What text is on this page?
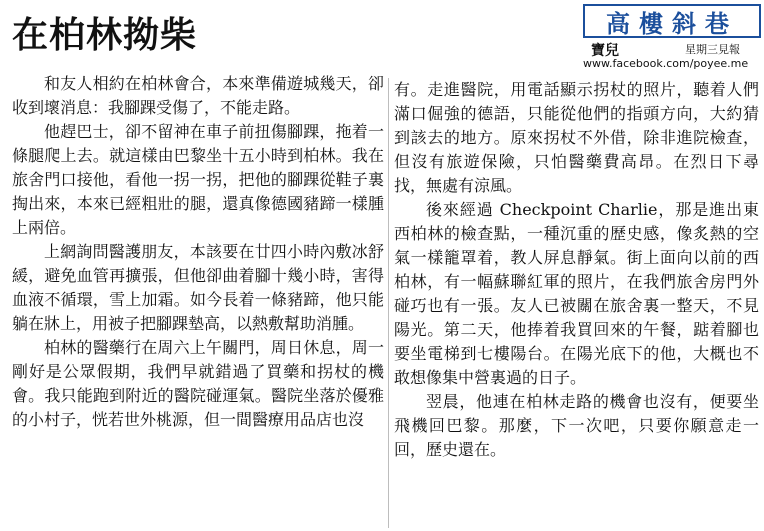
在柏林拗柴	高樓斜巷
寶兒	星期三見報
www.facebook.com/poyee.me

和友人相約在柏林會合，本來準備遊城幾天，卻收到壞消息：我腳踝受傷了，不能走路。

他趕巴士，卻不留神在車子前扭傷腳踝，拖着一條腿爬上去。就這樣由巴黎坐十五小時到柏林。我在旅舍門口接他，看他一拐一拐，把他的腳踝從鞋子裏掏出來，本來已經粗壯的腿，還真像德國豬蹄一樣腫上兩倍。

上網詢問醫護朋友，本該要在廿四小時內敷冰舒緩，避免血管再擴張，但他卻曲着腳十幾小時，害得血液不循環，雪上加霜。如今長着一條豬蹄，他只能躺在牀上，用被子把腳踝墊高，以熱敷幫助消腫。

柏林的醫藥行在周六上午關門，周日休息，周一剛好是公眾假期，我們早就錯過了買藥和拐杖的機會。我只能跑到附近的醫院碰運氣。醫院坐落於優雅的小村子，恍若世外桃源，但一間醫療用品店也沒

有。走進醫院，用電話顯示拐杖的照片，聽着人們滿口倔強的德語，只能從他們的指頭方向，大約猜到該去的地方。原來拐杖不外借，除非進院檢查，但沒有旅遊保險，只怕醫藥費高昂。在烈日下尋找，無處有涼風。

後來經過 Checkpoint Charlie，那是進出東西柏林的檢查點，一種沉重的歷史感，像炙熱的空氣一樣籠罩着，教人屏息靜氣。街上面向以前的西柏林，有一幅蘇聯紅軍的照片，在我們旅舍房門外碰巧也有一張。友人已被關在旅舍裏一整天，不見陽光。第二天，他捧着我買回來的午餐，踮着腳也要坐電梯到七樓陽台。在陽光底下的他，大概也不敢想像集中營裏過的日子。

翌晨，他連在柏林走路的機會也沒有，便要坐飛機回巴黎。那麼，下一次吧，只要你願意走一回，歷史還在。
